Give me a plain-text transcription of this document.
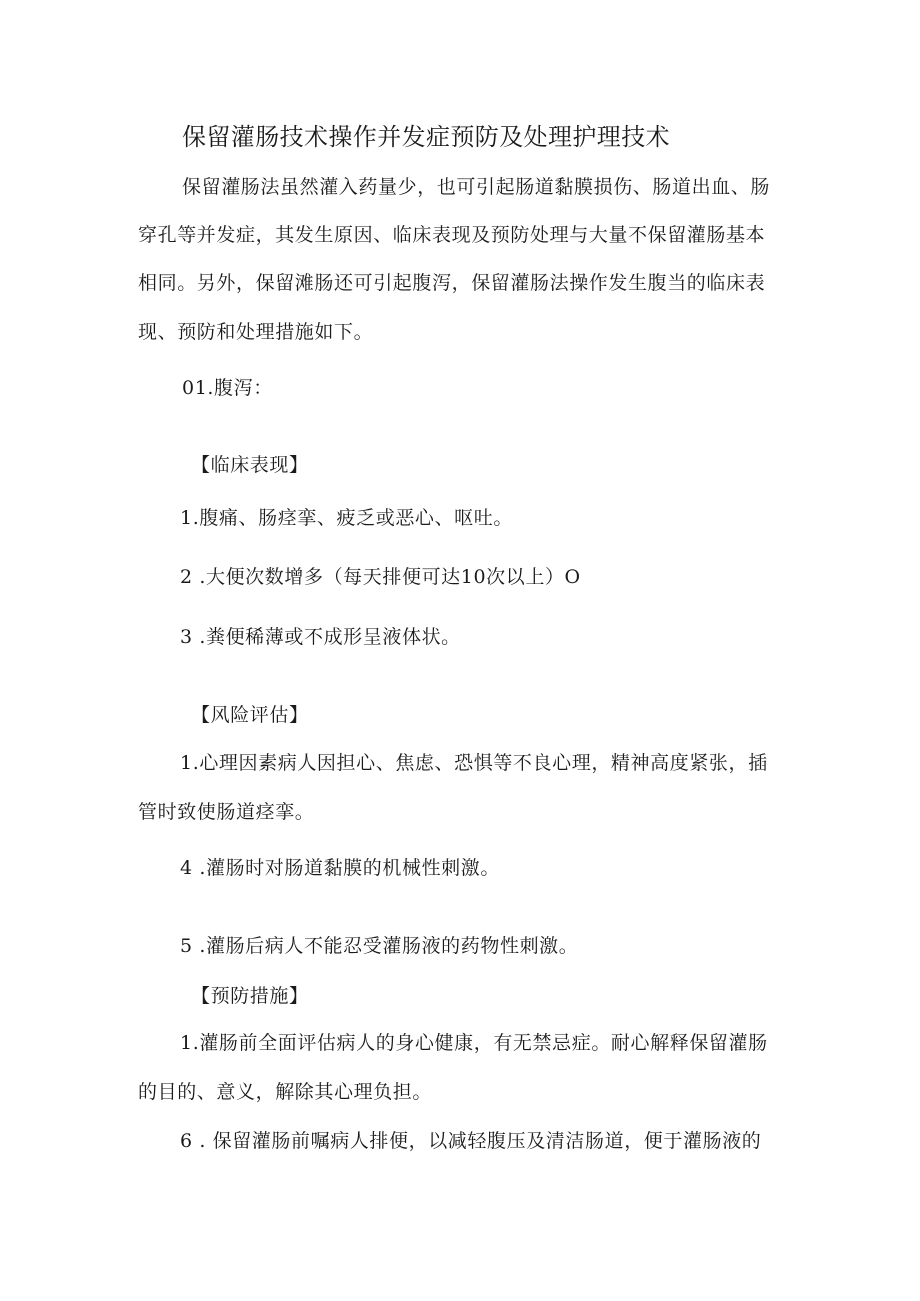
保留灌肠技术操作并发症预防及处理护理技术
保留灌肠法虽然灌入药量少，也可引起肠道黏膜损伤、肠道出血、肠
穿孔等并发症，其发生原因、临床表现及预防处理与大量不保留灌肠基本
相同。另外，保留滩肠还可引起腹泻，保留灌肠法操作发生腹当的临床表
现、预防和处理措施如下。
01.腹泻：
【临床表现】
1.腹痛、肠痉挛、疲乏或恶心、呕吐。
2 .大便次数增多（每天排便可达10次以上）O
3 .粪便稀薄或不成形呈液体状。
【风险评估】
1.心理因素病人因担心、焦虑、恐惧等不良心理，精神高度紧张，插
管时致使肠道痉挛。
4 .灌肠时对肠道黏膜的机械性刺激。
5 .灌肠后病人不能忍受灌肠液的药物性刺激。
【预防措施】
1.灌肠前全面评估病人的身心健康，有无禁忌症。耐心解释保留灌肠
的目的、意义，解除其心理负担。
6 . 保留灌肠前嘱病人排便，以减轻腹压及清洁肠道，便于灌肠液的
